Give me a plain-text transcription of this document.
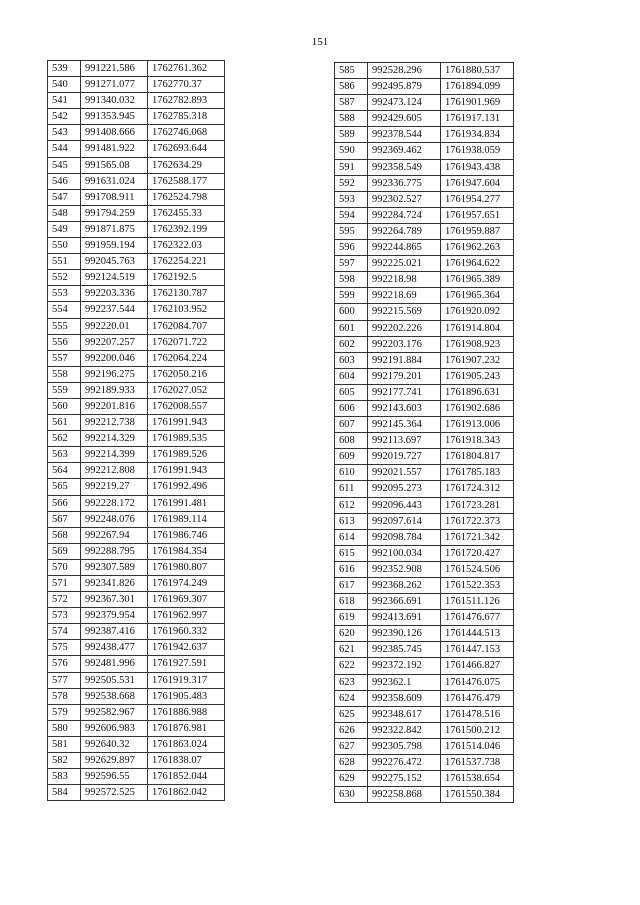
151
539	991221.586	1762761.362
540	991271.077	1762770.37
541	991340.032	1762782.893
542	991353.945	1762785.318
543	991408.666	1762746.068
544	991481.922	1762693.644
545	991565.08	1762634.29
546	991631.024	1762588.177
547	991708.911	1762524.798
548	991794.259	1762455.33
549	991871.875	1762392.199
550	991959.194	1762322.03
551	992045.763	1762254.221
552	992124.519	1762192.5
553	992203.336	1762130.787
554	992237.544	1762103.952
555	992220.01	1762084.707
556	992207.257	1762071.722
557	992200.046	1762064.224
558	992196.275	1762050.216
559	992189.933	1762027.052
560	992201.816	1762008.557
561	992212.738	1761991.943
562	992214.329	1761989.535
563	992214.399	1761989.526
564	992212.808	1761991.943
565	992219.27	1761992.496
566	992228.172	1761991.481
567	992248.076	1761989.114
568	992267.94	1761986.746
569	992288.795	1761984.354
570	992307.589	1761980.807
571	992341.826	1761974.249
572	992367.301	1761969.307
573	992379.954	1761962.997
574	992387.416	1761960.332
575	992438.477	1761942.637
576	992481.996	1761927.591
577	992505.531	1761919.317
578	992538.668	1761905.483
579	992582.967	1761886.988
580	992606.983	1761876.981
581	992640.32	1761863.024
582	992629.897	1761838.07
583	992596.55	1761852.044
584	992572.525	1761862.042
585	992528.296	1761880.537
586	992495.879	1761894.099
587	992473.124	1761901.969
588	992429.605	1761917.131
589	992378.544	1761934.834
590	992369.462	1761938.059
591	992358.549	1761943.438
592	992336.775	1761947.604
593	992302.527	1761954.277
594	992284.724	1761957.651
595	992264.789	1761959.887
596	992244.865	1761962.263
597	992225.021	1761964.622
598	992218.98	1761965.389
599	992218.69	1761965.364
600	992215.569	1761920.092
601	992202.226	1761914.804
602	992203.176	1761908.923
603	992191.884	1761907.232
604	992179.201	1761905.243
605	992177.741	1761896.631
606	992143.603	1761902.686
607	992145.364	1761913.006
608	992113.697	1761918.343
609	992019.727	1761804.817
610	992021.557	1761785.183
611	992095.273	1761724.312
612	992096.443	1761723.281
613	992097.614	1761722.373
614	992098.784	1761721.342
615	992100.034	1761720.427
616	992352.908	1761524.506
617	992368.262	1761522.353
618	992366.691	1761511.126
619	992413.691	1761476.677
620	992390.126	1761444.513
621	992385.745	1761447.153
622	992372.192	1761466.827
623	992362.1	1761476.075
624	992358.609	1761476.479
625	992348.617	1761478.516
626	992322.842	1761500.212
627	992305.798	1761514.046
628	992276.472	1761537.738
629	992275.152	1761538.654
630	992258.868	1761550.384
